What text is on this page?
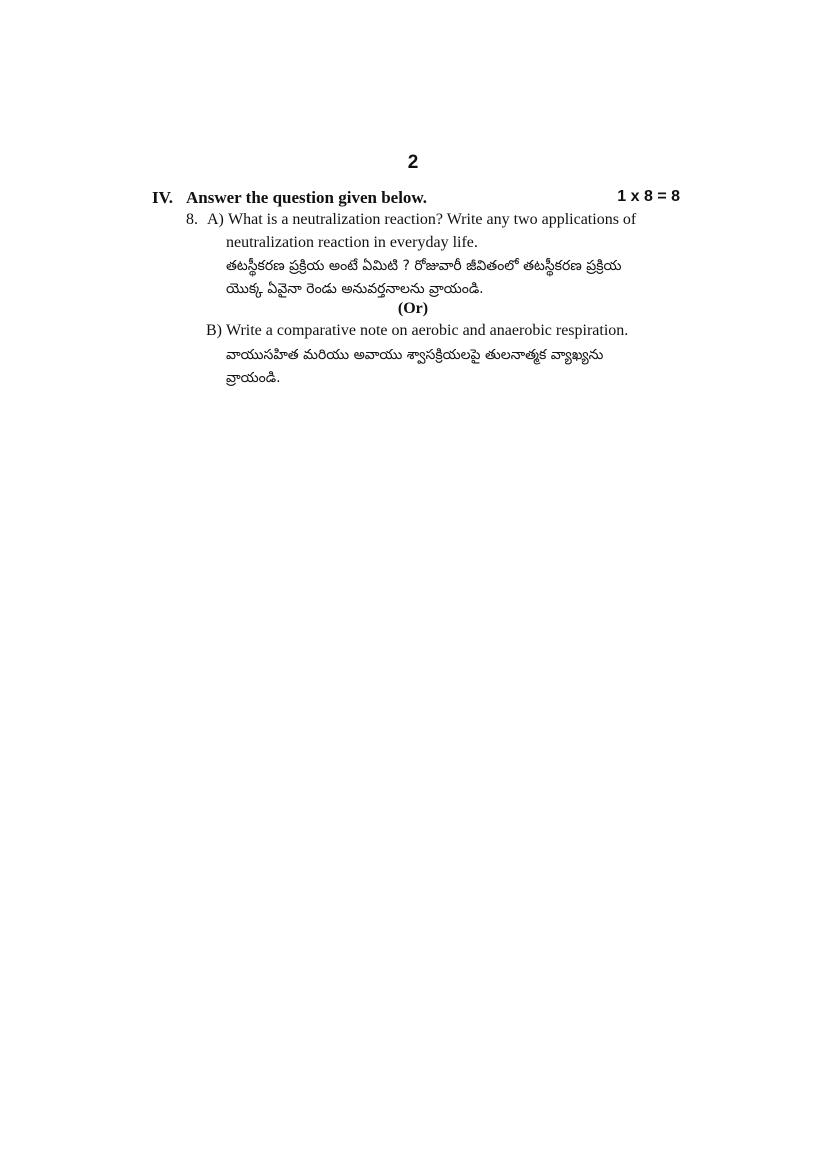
2
IV. Answer the question given below.	1 x 8 = 8
8. A) What is a neutralization reaction? Write any two applications of
neutralization reaction in everyday life.
తటస్థీకరణ ప్రక్రియ అంటే ఏమిటి ? రోజువారీ జీవితంలో తటస్థీకరణ ప్రక్రియ
యొక్క ఏవైనా రెండు అనువర్తనాలను వ్రాయండి.
(Or)
B) Write a comparative note on aerobic and anaerobic respiration.
వాయుసహిత మరియు అవాయు శ్వాసక్రియలపై తులనాత్మక వ్యాఖ్యను
వ్రాయండి.
